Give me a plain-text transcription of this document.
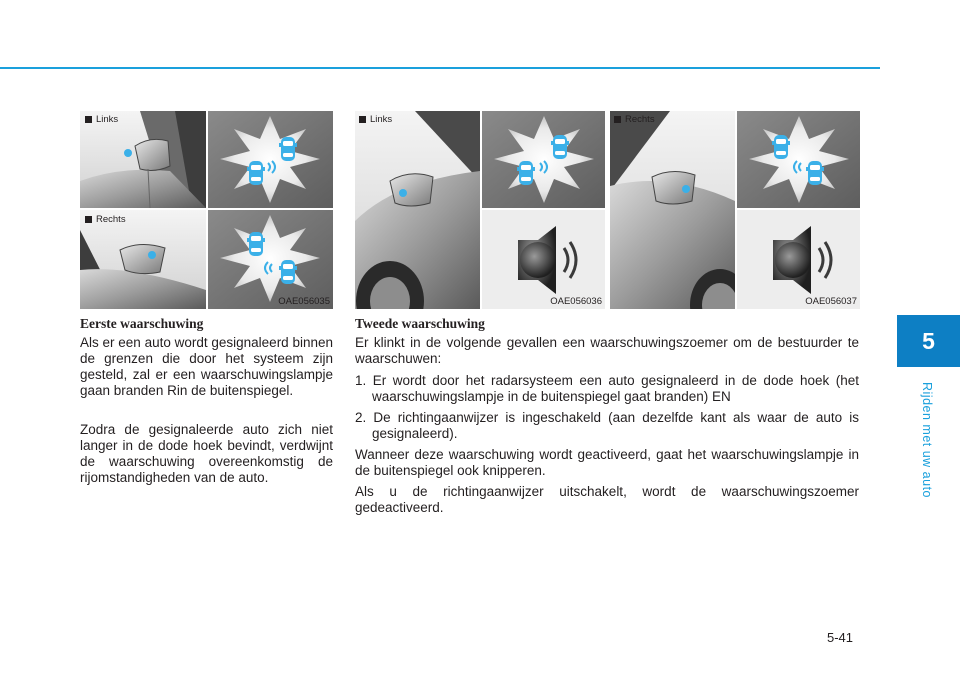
5
Rijden met uw auto
Links
Rechts
OAE056035
Links
OAE056036
Rechts
OAE056037
Eerste waarschuwing
Als er een auto wordt gesignaleerd binnen de grenzen die door het systeem zijn gesteld, zal er een waarschuwingslampje gaan branden Rin de buitenspiegel.
Zodra de gesignaleerde auto zich niet langer in de dode hoek bevindt, verdwijnt de waarschuwing overeenkomstig de rijomstandigheden van de auto.
Tweede waarschuwing
Er klinkt in de volgende gevallen een waarschuwingszoemer om de bestuurder te waarschuwen:
1. Er wordt door het radarsysteem een auto gesignaleerd in de dode hoek (het waarschuwingslampje in de buitenspiegel gaat branden) EN
2. De richtingaanwijzer is ingeschakeld (aan dezelfde kant als waar de auto is gesignaleerd).
Wanneer deze waarschuwing wordt geactiveerd, gaat het waarschuwingslampje in de buitenspiegel ook knipperen.
Als u de richtingaanwijzer uitschakelt, wordt de waarschuwingszoemer gedeactiveerd.
5-41
